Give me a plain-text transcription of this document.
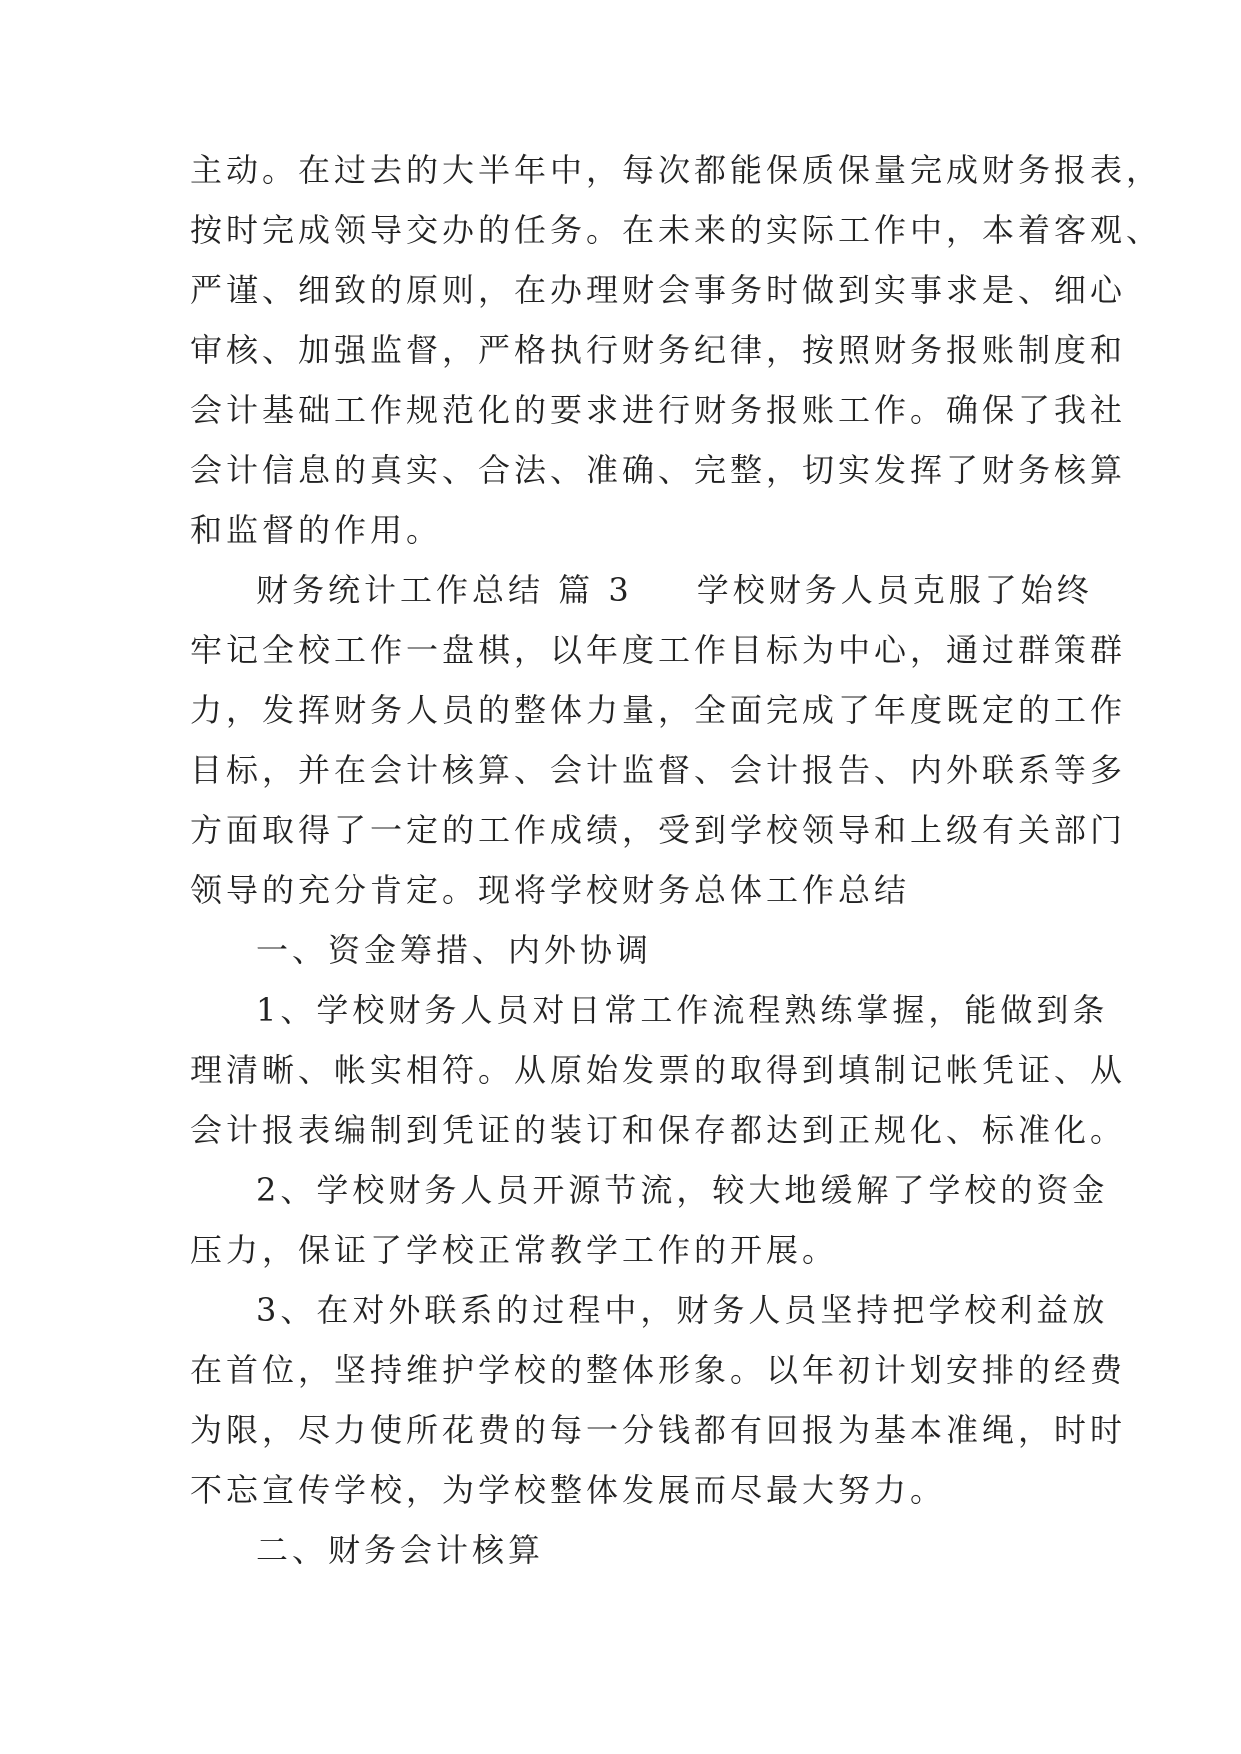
主动。在过去的大半年中，每次都能保质保量完成财务报表，

按时完成领导交办的任务。在未来的实际工作中，本着客观、

严谨、细致的原则，在办理财会事务时做到实事求是、细心

审核、加强监督，严格执行财务纪律，按照财务报账制度和

会计基础工作规范化的要求进行财务报账工作。确保了我社

会计信息的真实、合法、准确、完整，切实发挥了财务核算

和监督的作用。

财务统计工作总结 篇 3 学校财务人员克服了始终

牢记全校工作一盘棋，以年度工作目标为中心，通过群策群

力，发挥财务人员的整体力量，全面完成了年度既定的工作

目标，并在会计核算、会计监督、会计报告、内外联系等多

方面取得了一定的工作成绩，受到学校领导和上级有关部门

领导的充分肯定。现将学校财务总体工作总结

一、资金筹措、内外协调

1、学校财务人员对日常工作流程熟练掌握，能做到条

理清晰、帐实相符。从原始发票的取得到填制记帐凭证、从

会计报表编制到凭证的装订和保存都达到正规化、标准化。

2、学校财务人员开源节流，较大地缓解了学校的资金

压力，保证了学校正常教学工作的开展。

3、在对外联系的过程中，财务人员坚持把学校利益放

在首位，坚持维护学校的整体形象。以年初计划安排的经费

为限，尽力使所花费的每一分钱都有回报为基本准绳，时时

不忘宣传学校，为学校整体发展而尽最大努力。

二、财务会计核算
